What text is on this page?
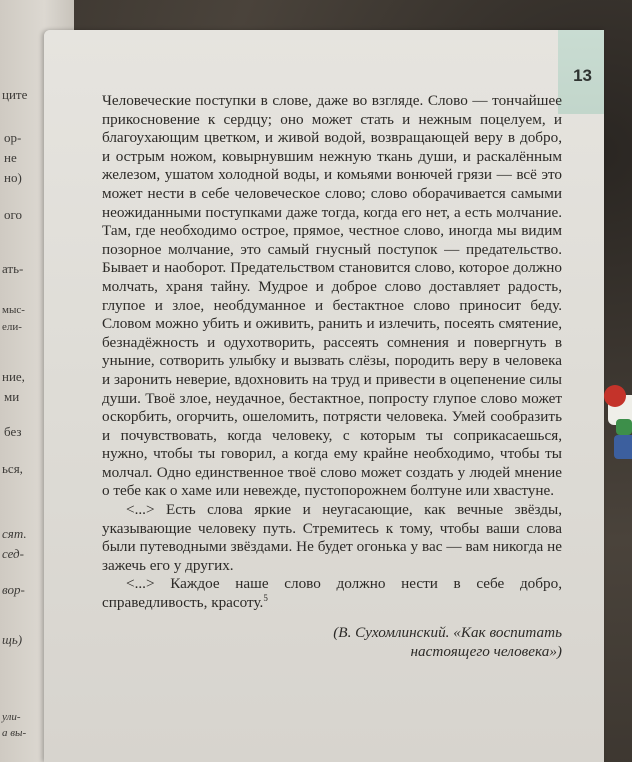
ците
ор-
не
но)
ого
ать-
мыс-
ели-
ние,
ми
без
ься,
сят.
сед-
вор-
щь)
ули-
а вы-
13

Человеческие поступки в слове, даже во взгляде. Слово — тончайшее прикосновение к сердцу; оно может стать и нежным поцелуем, и благоухающим цветком, и живой водой, возвращающей веру в добро, и острым ножом, ковырнувшим нежную ткань души, и раскалённым железом, ушатом холодной воды, и комьями вонючей грязи — всё это может нести в себе человеческое слово; слово оборачивается самыми неожиданными поступками даже тогда, когда его нет, а есть молчание. Там, где необходимо острое, прямое, честное слово, иногда мы видим позорное молчание, это самый гнусный поступок — предательство. Бывает и наоборот. Предательством становится слово, которое должно молчать, храня тайну. Мудрое и доброе слово доставляет радость, глупое и злое, необдуманное и бестактное слово приносит беду. Словом можно убить и оживить, ранить и излечить, посеять смятение, безнадёжность и одухотворить, рассеять сомнения и повергнуть в уныние, сотворить улыбку и вызвать слёзы, породить веру в человека и заронить неверие, вдохновить на труд и привести в оцепенение силы души. Твоё злое, неудачное, бестактное, попросту глупое слово может оскорбить, огорчить, ошеломить, потрясти человека. Умей сообразить и почувствовать, когда человеку, с которым ты соприкасаешься, нужно, чтобы ты говорил, а когда ему крайне необходимо, чтобы ты молчал. Одно единственное твоё слово может создать у людей мнение о тебе как о хаме или невежде, пустопорожнем болтуне или хвастуне.

<...> Есть слова яркие и неугасающие, как вечные звёзды, указывающие человеку путь. Стремитесь к тому, чтобы ваши слова были путеводными звёздами. Не будет огонька у вас — вам никогда не зажечь его у других.

<...> Каждое наше слово должно нести в себе добро, справедливость, красоту.$^5$

(В. Сухомлинский. «Как воспитать
настоящего человека»)
